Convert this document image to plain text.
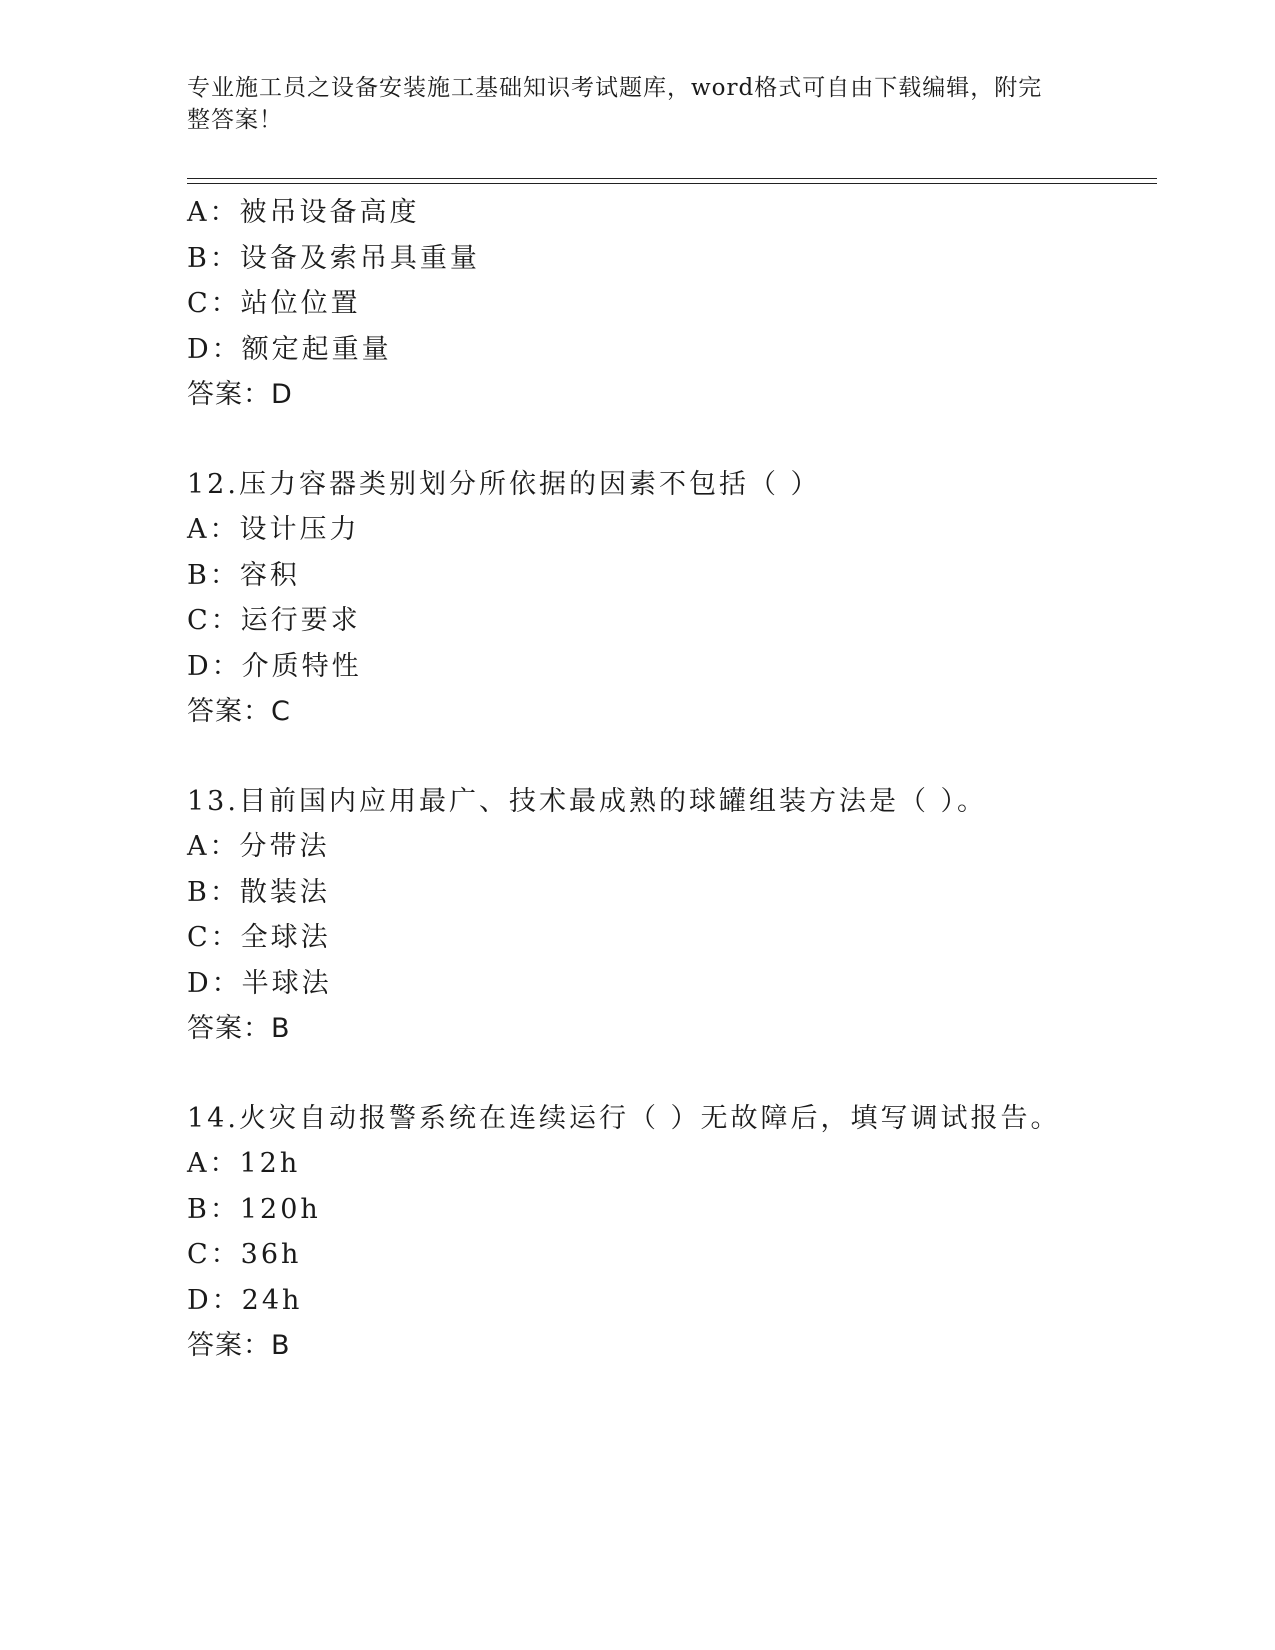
专业施工员之设备安装施工基础知识考试题库，word格式可自由下载编辑，附完
整答案！
A：被吊设备高度
B：设备及索吊具重量
C：站位位置
D：额定起重量
答案：D
12.压力容器类别划分所依据的因素不包括（ ）
A：设计压力
B：容积
C：运行要求
D：介质特性
答案：C
13.目前国内应用最广、技术最成熟的球罐组装方法是（ ）。
A：分带法
B：散装法
C：全球法
D：半球法
答案：B
14.火灾自动报警系统在连续运行（ ）无故障后，填写调试报告。
A：12h
B：120h
C：36h
D：24h
答案：B
